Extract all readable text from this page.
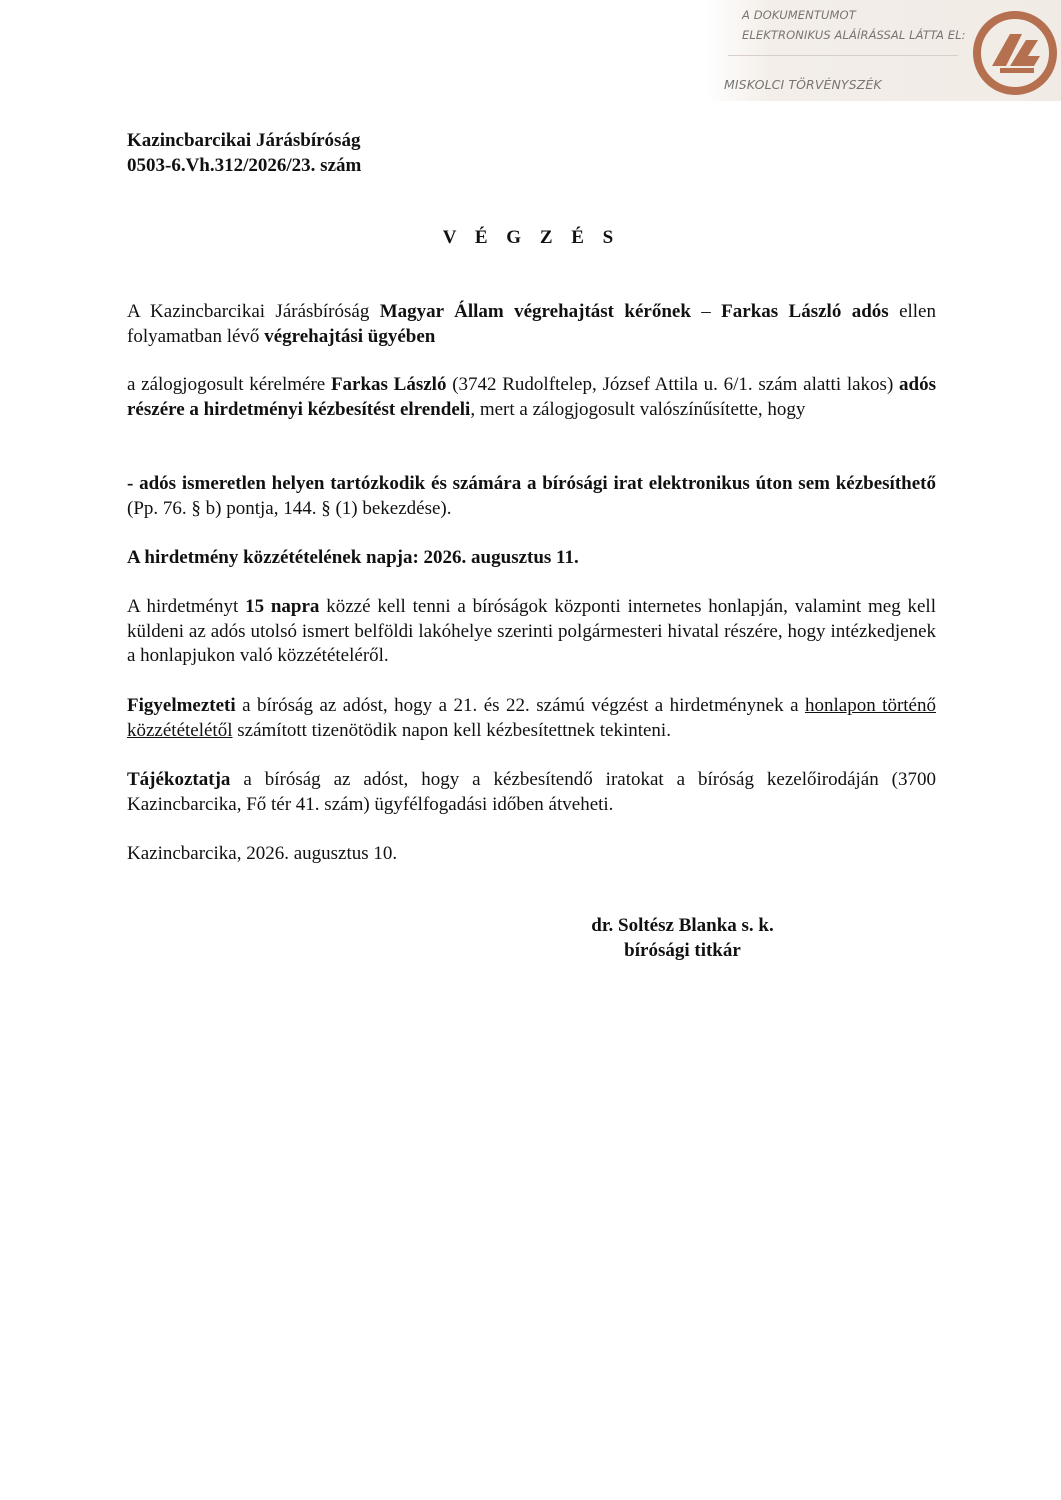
A DOKUMENTUMOT
ELEKTRONIKUS ALÁÍRÁSSAL LÁTTA EL:
MISKOLCI TÖRVÉNYSZÉK
Kazincbarcikai Járásbíróság
0503-6.Vh.312/2026/23. szám
V É G Z É S

A Kazincbarcikai Járásbíróság Magyar Állam végrehajtást kérőnek – Farkas László adós ellen folyamatban lévő végrehajtási ügyében

a zálogjogosult kérelmére Farkas László (3742 Rudolftelep, József Attila u. 6/1. szám alatti lakos) adós részére a hirdetményi kézbesítést elrendeli, mert a zálogjogosult valószínűsítette, hogy

- adós ismeretlen helyen tartózkodik és számára a bírósági irat elektronikus úton sem kézbesíthető (Pp. 76. § b) pontja, 144. § (1) bekezdése).

A hirdetmény közzétételének napja: 2026. augusztus 11.

A hirdetményt 15 napra közzé kell tenni a bíróságok központi internetes honlapján, valamint meg kell küldeni az adós utolsó ismert belföldi lakóhelye szerinti polgármesteri hivatal részére, hogy intézkedjenek a honlapjukon való közzétételéről.

Figyelmezteti a bíróság az adóst, hogy a 21. és 22. számú végzést a hirdetménynek a honlapon történő közzétételétől számított tizenötödik napon kell kézbesítettnek tekinteni.

Tájékoztatja a bíróság az adóst, hogy a kézbesítendő iratokat a bíróság kezelőirodáján (3700 Kazincbarcika, Fő tér 41. szám) ügyfélfogadási időben átveheti.

Kazincbarcika, 2026. augusztus 10.

dr. Soltész Blanka s. k.
bírósági titkár
